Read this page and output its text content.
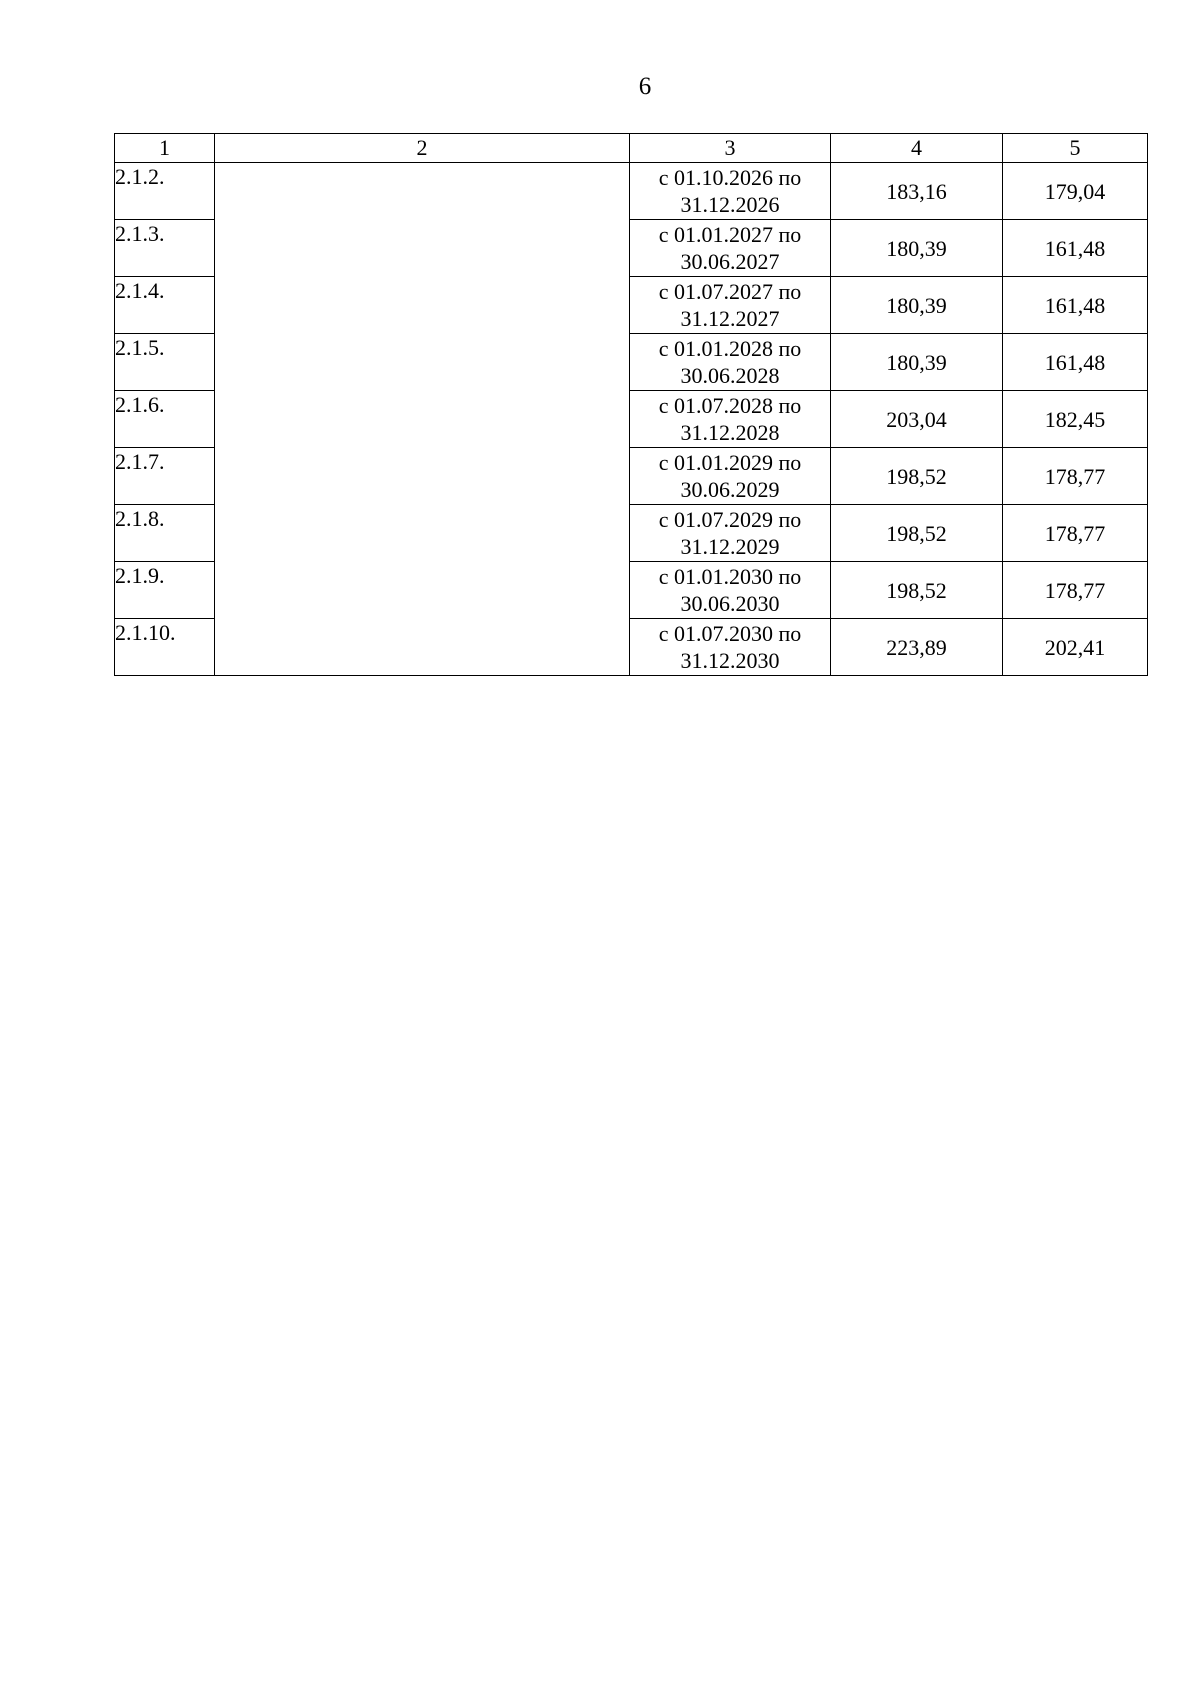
6
1	2	3	4	5
2.1.2.		с 01.10.2026 по
31.12.2026	183,16	179,04
2.1.3.		с 01.01.2027 по
30.06.2027	180,39	161,48
2.1.4.		с 01.07.2027 по
31.12.2027	180,39	161,48
2.1.5.		с 01.01.2028 по
30.06.2028	180,39	161,48
2.1.6.		с 01.07.2028 по
31.12.2028	203,04	182,45
2.1.7.		с 01.01.2029 по
30.06.2029	198,52	178,77
2.1.8.		с 01.07.2029 по
31.12.2029	198,52	178,77
2.1.9.		с 01.01.2030 по
30.06.2030	198,52	178,77
2.1.10.		с 01.07.2030 по
31.12.2030	223,89	202,41
